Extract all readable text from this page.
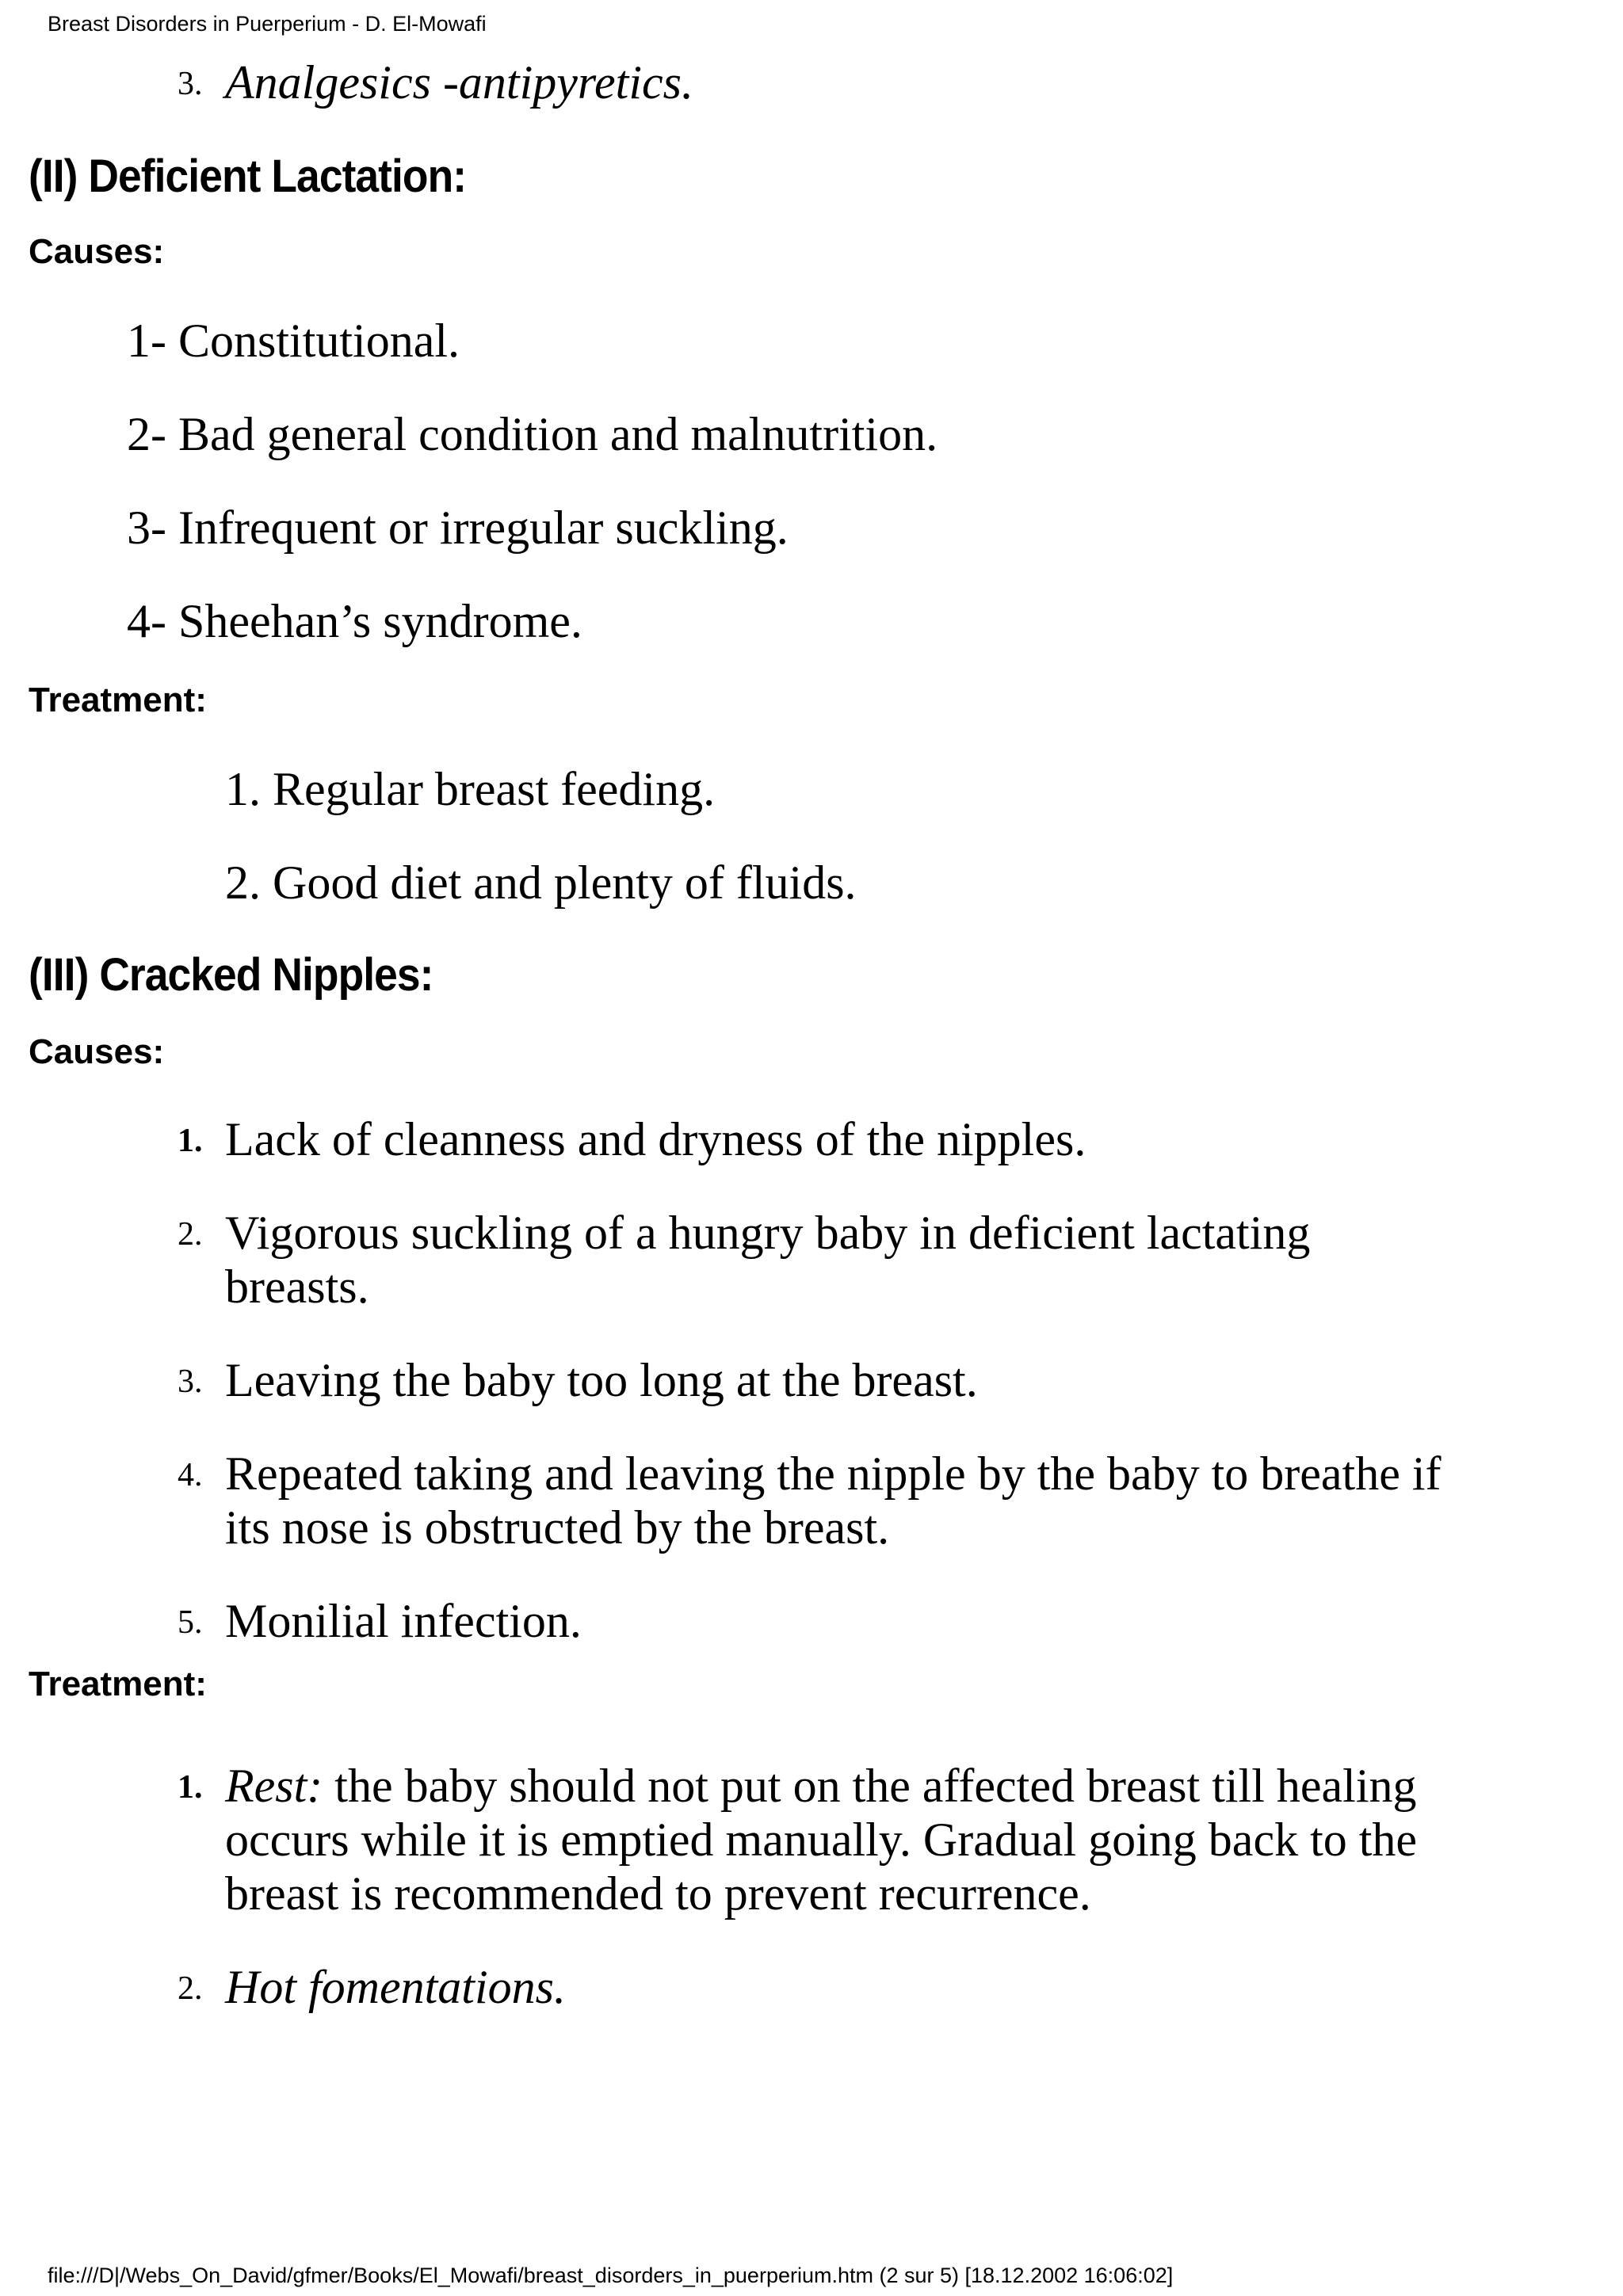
Breast Disorders in Puerperium - D. El-Mowafi
3. Analgesics -antipyretics.
(II) Deficient Lactation:
Causes:
1- Constitutional.
2- Bad general condition and malnutrition.
3- Infrequent or irregular suckling.
4- Sheehan’s syndrome.
Treatment:
1. Regular breast feeding.
2. Good diet and plenty of fluids.
(III) Cracked Nipples:
Causes:
1. Lack of cleanness and dryness of the nipples.
2. Vigorous suckling of a hungry baby in deficient lactating
breasts.
3. Leaving the baby too long at the breast.
4. Repeated taking and leaving the nipple by the baby to breathe if
its nose is obstructed by the breast.
5. Monilial infection.
Treatment:
1. Rest: the baby should not put on the affected breast till healing
occurs while it is emptied manually. Gradual going back to the
breast is recommended to prevent recurrence.
2. Hot fomentations.
file:///D|/Webs_On_David/gfmer/Books/El_Mowafi/breast_disorders_in_puerperium.htm (2 sur 5) [18.12.2002 16:06:02]
